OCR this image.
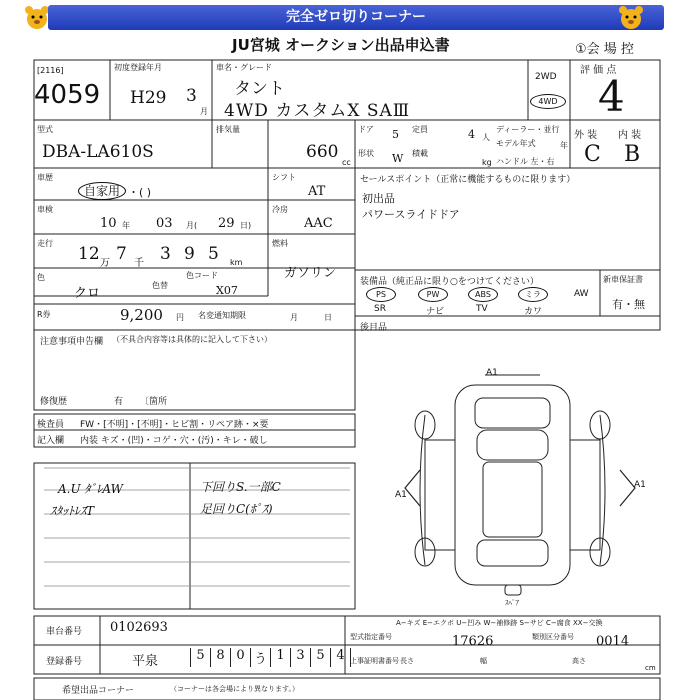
完全ゼロ切りコーナー
JU宮城 オークション出品申込書	①会 場 控
[2116]
4059
初度登録年月
H29 3
月
車名・グレード
タント
4WD カスタムX SAⅢ
2WD
4WD
評 価 点
4
型式
DBA-LA610S
排気量
660
cc
ドア 5 定員	4 人
ディーラー・並行
モデル年式	年
形状 W 積載
kg ハンドル 左・右
外 装 内 装
C B
車歴
自家用 ・( )
シフト
AT
車検
10 年 03 月( 29 日)
冷房
AAC
走行
12 万 7 千 3 9 5 km
燃料
ガソリン
色
クロ
色替
色コード
X07
R券	9,200 円 名変通知期限	月	日
セールスポイント（正常に機能するものに限ります）
初出品
パワースライドドア
装備品（純正品に限り○をつけてください）	新車保証書
PS	PW	ABS	ミラ	AW
SR	ナビ	TV	カワ
有・無
後目品
注意事項申告欄 （不具合内容等は具体的に記入して下さい）
修復歴	有 〔箇所
検査員 FW・[不明]・[不明]・ヒビ割・リペア跡・×要
記入欄 内装 キズ・(凹)・コゲ・穴・(汚)・キレ・破し
A.U ﾀﾞﾚAW
ｽﾀｯﾄﾚｽT
下回りS.一部C
足回りC(ﾎﾟｽ)
A1
A1
A1
ｽﾍﾟｱ
A−キズ E−エクボ U−凹み W−補修跡 S−サビ C−腐食 XX−交換
車台番号 0102693
登録番号	平泉	5 8 0 う 1 3 5 4
型式指定番号	17626	類別区分番号 0014
上事証明書番号 長さ	幅	高さ
cm
希望出品コーナー	（コーナーは各会場により異なります。）
